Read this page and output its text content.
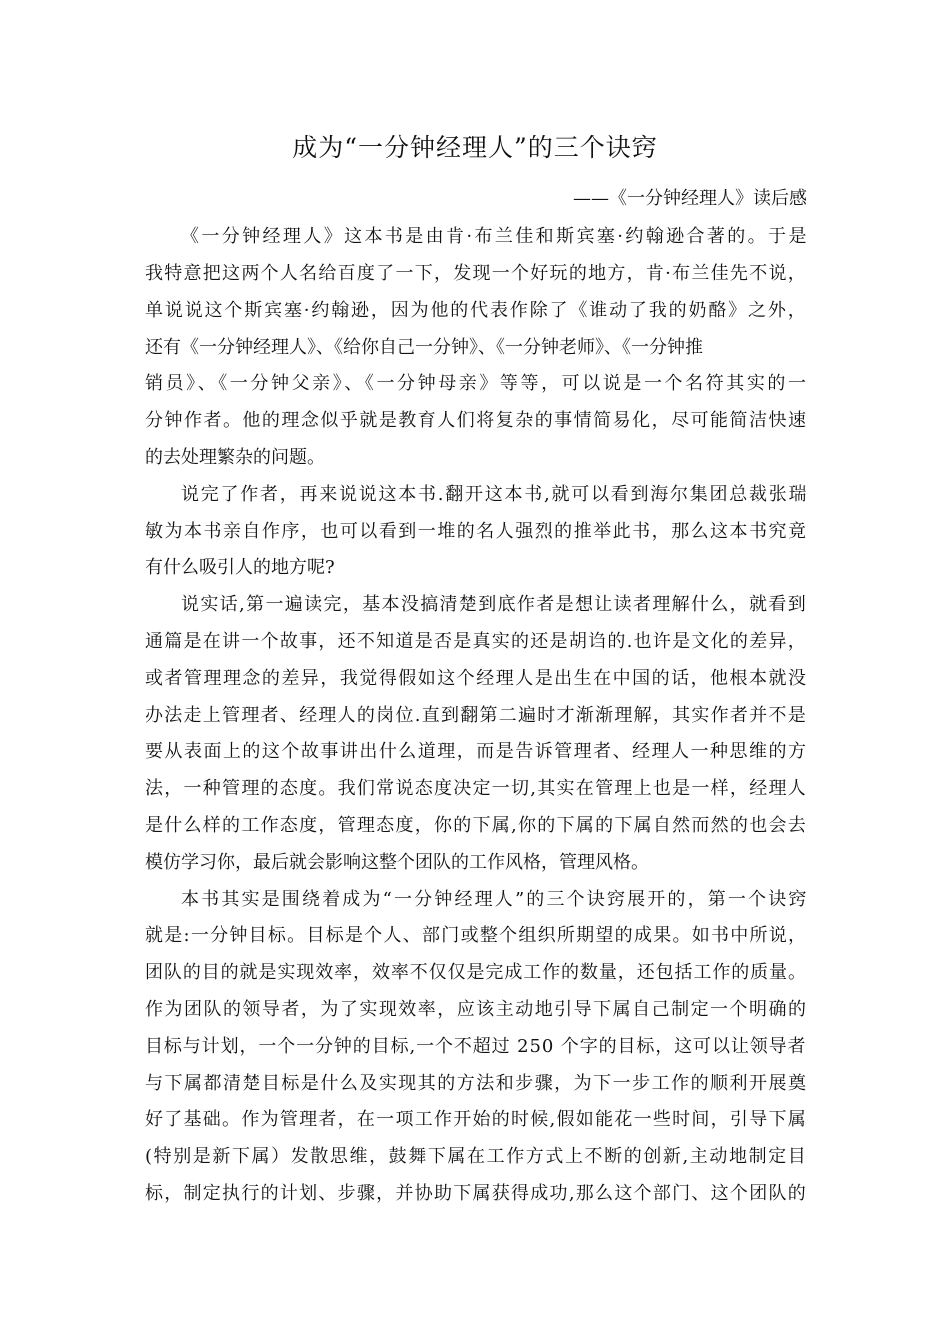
成为“一分钟经理人”的三个诀窍
——《一分钟经理人》读后感
《一分钟经理人》这本书是由肯·布兰佳和斯宾塞·约翰逊合著的。于是
我特意把这两个人名给百度了一下，发现一个好玩的地方，肯·布兰佳先不说，
单说说这个斯宾塞·约翰逊，因为他的代表作除了《谁动了我的奶酪》之外，
还有《一分钟经理人》、《给你自己一分钟》、《一分钟老师》、《一分钟推
销员》、《一分钟父亲》、《一分钟母亲》等等，可以说是一个名符其实的一
分钟作者。他的理念似乎就是教育人们将复杂的事情简易化，尽可能简洁快速
的去处理繁杂的问题。
说完了作者，再来说说这本书.翻开这本书,就可以看到海尔集团总裁张瑞
敏为本书亲自作序，也可以看到一堆的名人强烈的推举此书，那么这本书究竟
有什么吸引人的地方呢?
说实话,第一遍读完，基本没搞清楚到底作者是想让读者理解什么，就看到
通篇是在讲一个故事，还不知道是否是真实的还是胡诌的.也许是文化的差异，
或者管理理念的差异，我觉得假如这个经理人是出生在中国的话，他根本就没
办法走上管理者、经理人的岗位.直到翻第二遍时才渐渐理解，其实作者并不是
要从表面上的这个故事讲出什么道理，而是告诉管理者、经理人一种思维的方
法，一种管理的态度。我们常说态度决定一切,其实在管理上也是一样，经理人
是什么样的工作态度，管理态度，你的下属,你的下属的下属自然而然的也会去
模仿学习你，最后就会影响这整个团队的工作风格，管理风格。
本书其实是围绕着成为“一分钟经理人”的三个诀窍展开的，第一个诀窍
就是:一分钟目标。目标是个人、部门或整个组织所期望的成果。如书中所说，
团队的目的就是实现效率，效率不仅仅是完成工作的数量，还包括工作的质量。
作为团队的领导者，为了实现效率，应该主动地引导下属自己制定一个明确的
目标与计划，一个一分钟的目标,一个不超过 250 个字的目标，这可以让领导者
与下属都清楚目标是什么及实现其的方法和步骤，为下一步工作的顺利开展奠
好了基础。作为管理者，在一项工作开始的时候,假如能花一些时间，引导下属
(特别是新下属）发散思维，鼓舞下属在工作方式上不断的创新,主动地制定目
标，制定执行的计划、步骤，并协助下属获得成功,那么这个部门、这个团队的
